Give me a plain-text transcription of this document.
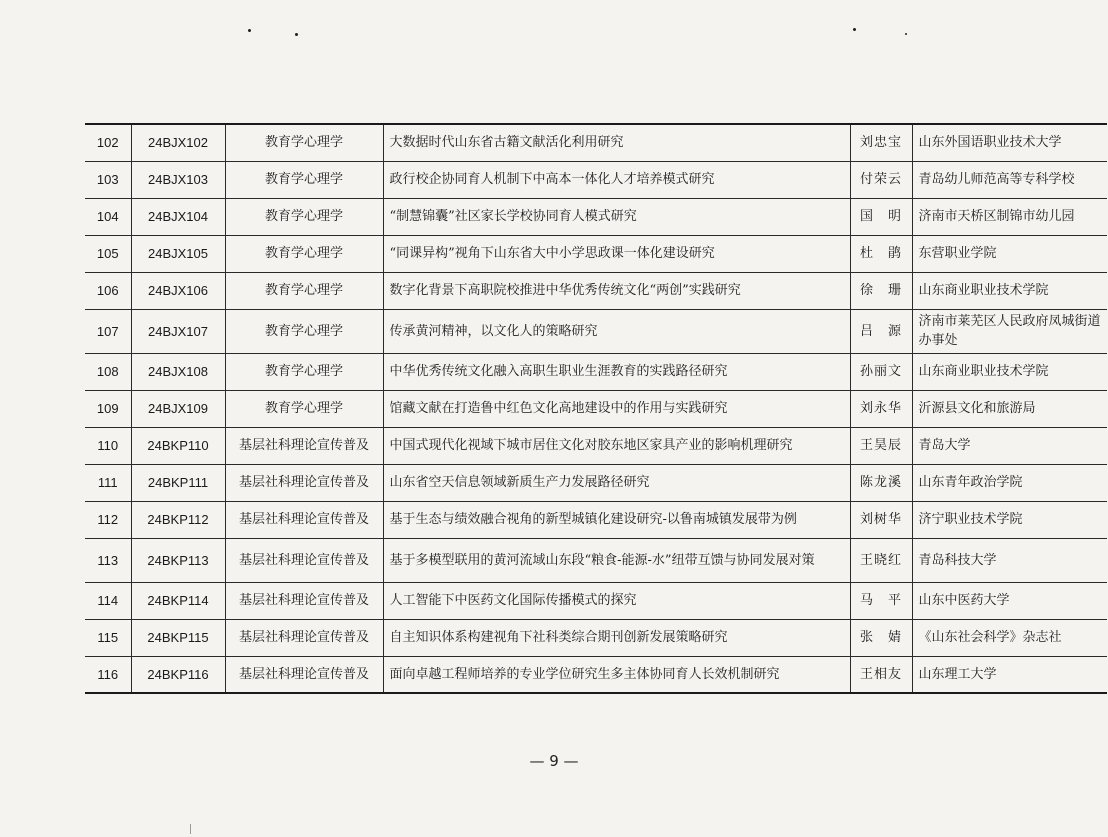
102	24BJX102	教育学心理学	大数据时代山东省古籍文献活化利用研究	刘忠宝	山东外国语职业技术大学
103	24BJX103	教育学心理学	政行校企协同育人机制下中高本一体化人才培养模式研究	付荣云	青岛幼儿师范高等专科学校
104	24BJX104	教育学心理学	“制慧锦囊”社区家长学校协同育人模式研究	国　明	济南市天桥区制锦市幼儿园
105	24BJX105	教育学心理学	“同课异构”视角下山东省大中小学思政课一体化建设研究	杜　鹃	东营职业学院
106	24BJX106	教育学心理学	数字化背景下高职院校推进中华优秀传统文化“两创”实践研究	徐　珊	山东商业职业技术学院
107	24BJX107	教育学心理学	传承黄河精神，以文化人的策略研究	吕　源	济南市莱芜区人民政府凤城街道办事处
108	24BJX108	教育学心理学	中华优秀传统文化融入高职生职业生涯教育的实践路径研究	孙丽文	山东商业职业技术学院
109	24BJX109	教育学心理学	馆藏文献在打造鲁中红色文化高地建设中的作用与实践研究	刘永华	沂源县文化和旅游局
110	24BKP110	基层社科理论宣传普及	中国式现代化视域下城市居住文化对胶东地区家具产业的影响机理研究	王昊辰	青岛大学
111	24BKP111	基层社科理论宣传普及	山东省空天信息领域新质生产力发展路径研究	陈龙溪	山东青年政治学院
112	24BKP112	基层社科理论宣传普及	基于生态与绩效融合视角的新型城镇化建设研究-以鲁南城镇发展带为例	刘树华	济宁职业技术学院
113	24BKP113	基层社科理论宣传普及	基于多模型联用的黄河流域山东段“粮食-能源-水”纽带互馈与协同发展对策	王晓红	青岛科技大学
114	24BKP114	基层社科理论宣传普及	人工智能下中医药文化国际传播模式的探究	马　平	山东中医药大学
115	24BKP115	基层社科理论宣传普及	自主知识体系构建视角下社科类综合期刊创新发展策略研究	张　婧	《山东社会科学》杂志社
116	24BKP116	基层社科理论宣传普及	面向卓越工程师培养的专业学位研究生多主体协同育人长效机制研究	王相友	山东理工大学
— 9 —
